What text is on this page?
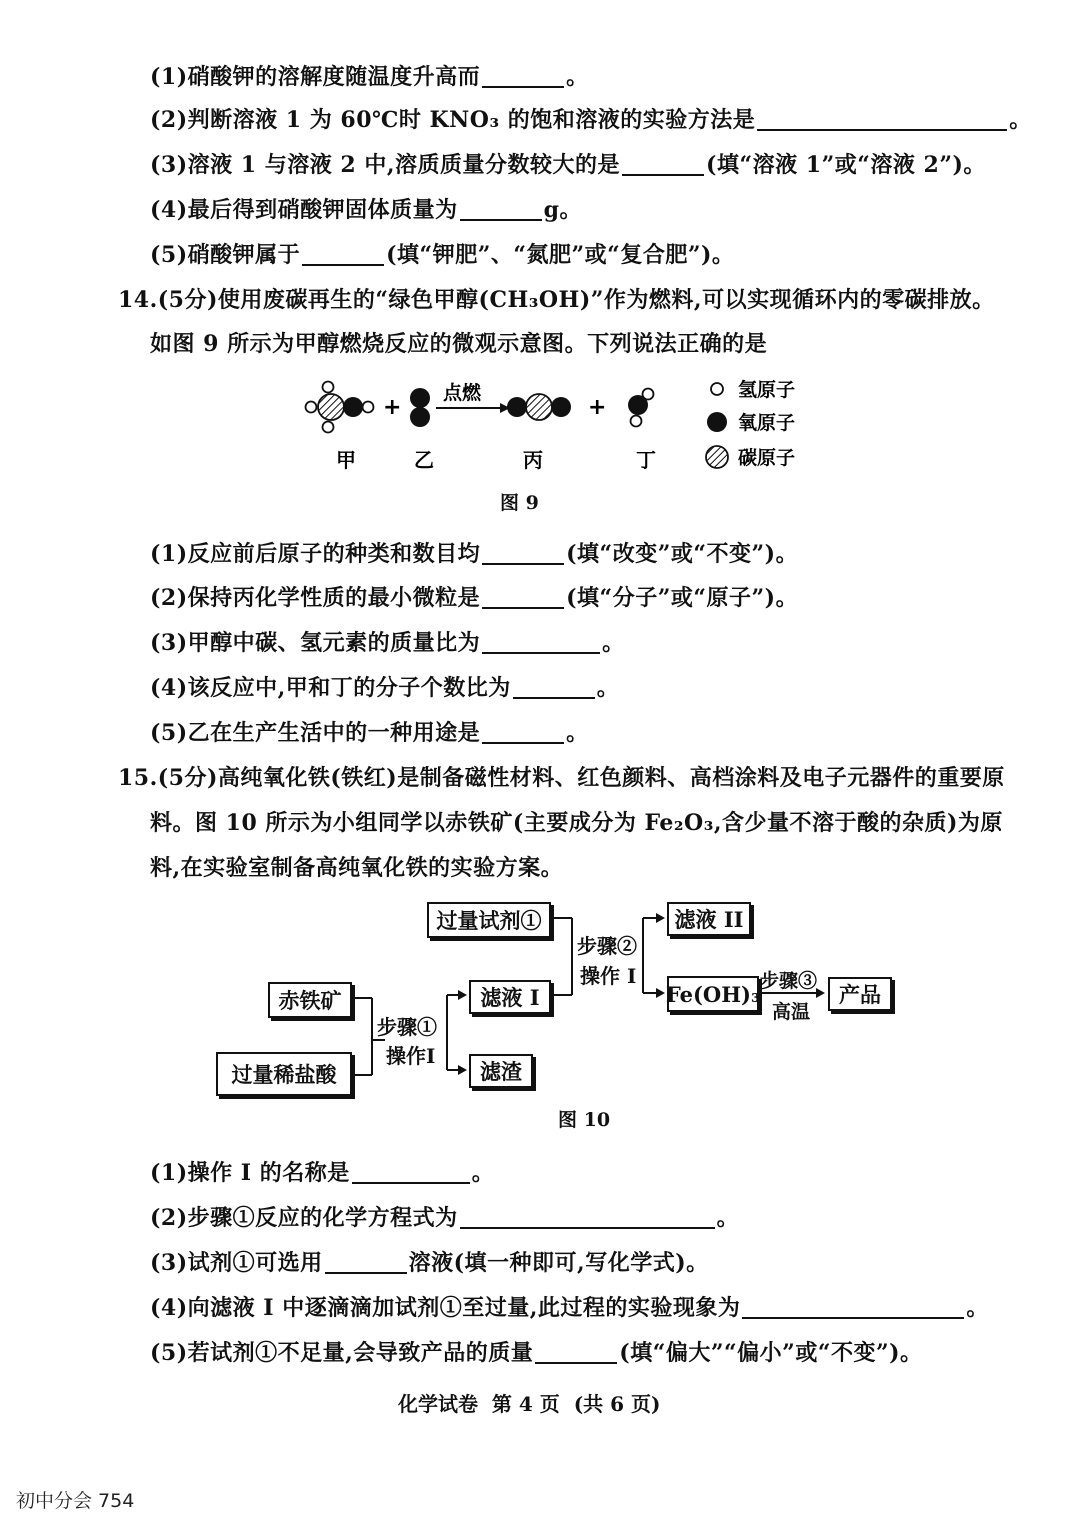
(1)硝酸钾的溶解度随温度升高而	。
(2)判断溶液 1 为 60℃时 KNO₃ 的饱和溶液的实验方法是	。
(3)溶液 1 与溶液 2 中,溶质质量分数较大的是	(填“溶液 1”或“溶液 2”)。
(4)最后得到硝酸钾固体质量为	g。
(5)硝酸钾属于	(填“钾肥”、“氮肥”或“复合肥”)。
14.(5分)使用废碳再生的“绿色甲醇(CH₃OH)”作为燃料,可以实现循环内的零碳排放。
如图 9 所示为甲醇燃烧反应的微观示意图。下列说法正确的是
+
点燃
+
甲	乙	丙	丁
氢原子
氧原子
碳原子
图 9
(1)反应前后原子的种类和数目均	(填“改变”或“不变”)。
(2)保持丙化学性质的最小微粒是	(填“分子”或“原子”)。
(3)甲醇中碳、氢元素的质量比为	。
(4)该反应中,甲和丁的分子个数比为	。
(5)乙在生产生活中的一种用途是	。
15.(5分)高纯氧化铁(铁红)是制备磁性材料、红色颜料、高档涂料及电子元器件的重要原
料。图 10 所示为小组同学以赤铁矿(主要成分为 Fe₂O₃,含少量不溶于酸的杂质)为原
料,在实验室制备高纯氧化铁的实验方案。
赤铁矿
过量稀盐酸
步骤①
操作I
滤液 I
滤渣
过量试剂①
步骤②
操作 I
滤液 II
Fe(OH)₃
步骤③
高温
产品
图 10
(1)操作 I 的名称是	。
(2)步骤①反应的化学方程式为	。
(3)试剂①可选用	溶液(填一种即可,写化学式)。
(4)向滤液 I 中逐滴滴加试剂①至过量,此过程的实验现象为	。
(5)若试剂①不足量,会导致产品的质量	(填“偏大”“偏小”或“不变”)。
化学试卷  第 4 页  (共 6 页)
初中分会 754
